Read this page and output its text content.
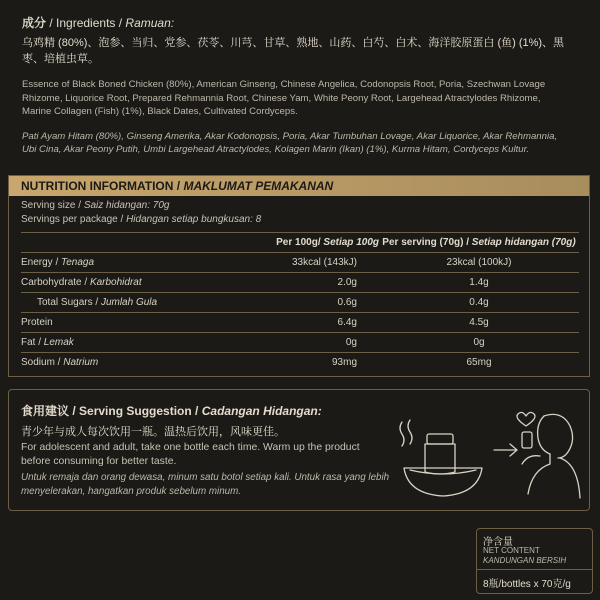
成分 / Ingredients / Ramuan:
乌鸡精 (80%)、泡参、当归、党参、茯苓、川芎、甘草、熟地、山药、白芍、白术、海洋胶原蛋白 (鱼) (1%)、黑
枣、培植虫草。
Essence of Black Boned Chicken (80%), American Ginseng, Chinese Angelica, Codonopsis Root, Poria, Szechwan Lovage
Rhizome, Liquorice Root, Prepared Rehmannia Root, Chinese Yam, White Peony Root, Largehead Atractylodes Rhizome,
Marine Collagen (Fish) (1%), Black Dates, Cultivated Cordyceps.
Pati Ayam Hitam (80%), Ginseng Amerika, Akar Kodonopsis, Poria, Akar Tumbuhan Lovage, Akar Liquorice, Akar Rehmannia,
Ubi Cina, Akar Peony Putih, Umbi Largehead Atractylodes, Kolagen Marin (Ikan) (1%), Kurma Hitam, Cordyceps Kultur.
NUTRITION INFORMATION / MAKLUMAT PEMAKANAN
Serving size / Saiz hidangan: 70g
Servings per package / Hidangan setiap bungkusan: 8
	Per 100g/ Setiap 100g	Per serving (70g) / Setiap hidangan (70g)
Energy / Tenaga	33kcal (143kJ)	23kcal (100kJ)
Carbohydrate / Karbohidrat	2.0g	1.4g
Total Sugars / Jumlah Gula	0.6g	0.4g
Protein	6.4g	4.5g
Fat / Lemak	0g	0g
Sodium / Natrium	93mg	65mg
食用建议 / Serving Suggestion / Cadangan Hidangan:
青少年与成人每次饮用一瓶。温热后饮用，风味更佳。
For adolescent and adult, take one bottle each time. Warm up the product before consuming for better taste.
Untuk remaja dan orang dewasa, minum satu botol setiap kali. Untuk rasa yang lebih menyelerakan, hangatkan produk sebelum minum.
净含量
NET CONTENT
KANDUNGAN BERSIH
8瓶/bottles x 70克/g
